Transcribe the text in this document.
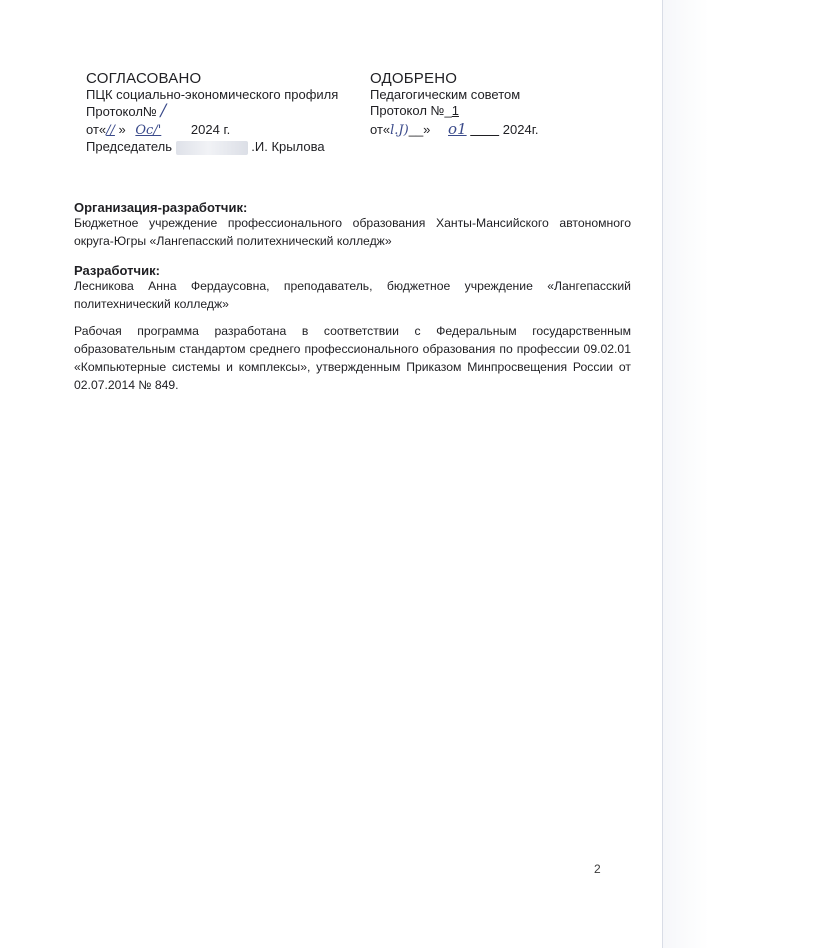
СОГЛАСОВАНО
ПЦК социально-экономического профиля
Протокол№ /
от«// » Ос/' 2024 г.
Председатель	.И. Крылова
ОДОБРЕНО
Педагогическим советом
Протокол №_1
от«l.J)__» о1	2024г.
Организация-разработчик:
Бюджетное учреждение профессионального образования Ханты-Мансийского автономного округа-Югры «Лангепасский политехнический колледж»
Разработчик:
Лесникова Анна Фердаусовна, преподаватель, бюджетное учреждение «Лангепасский политехнический колледж»
Рабочая программа разработана в соответствии с Федеральным государственным образовательным стандартом среднего профессионального образования по профессии 09.02.01 «Компьютерные системы и комплексы», утвержденным Приказом Минпросвещения России от 02.07.2014 № 849.
2
